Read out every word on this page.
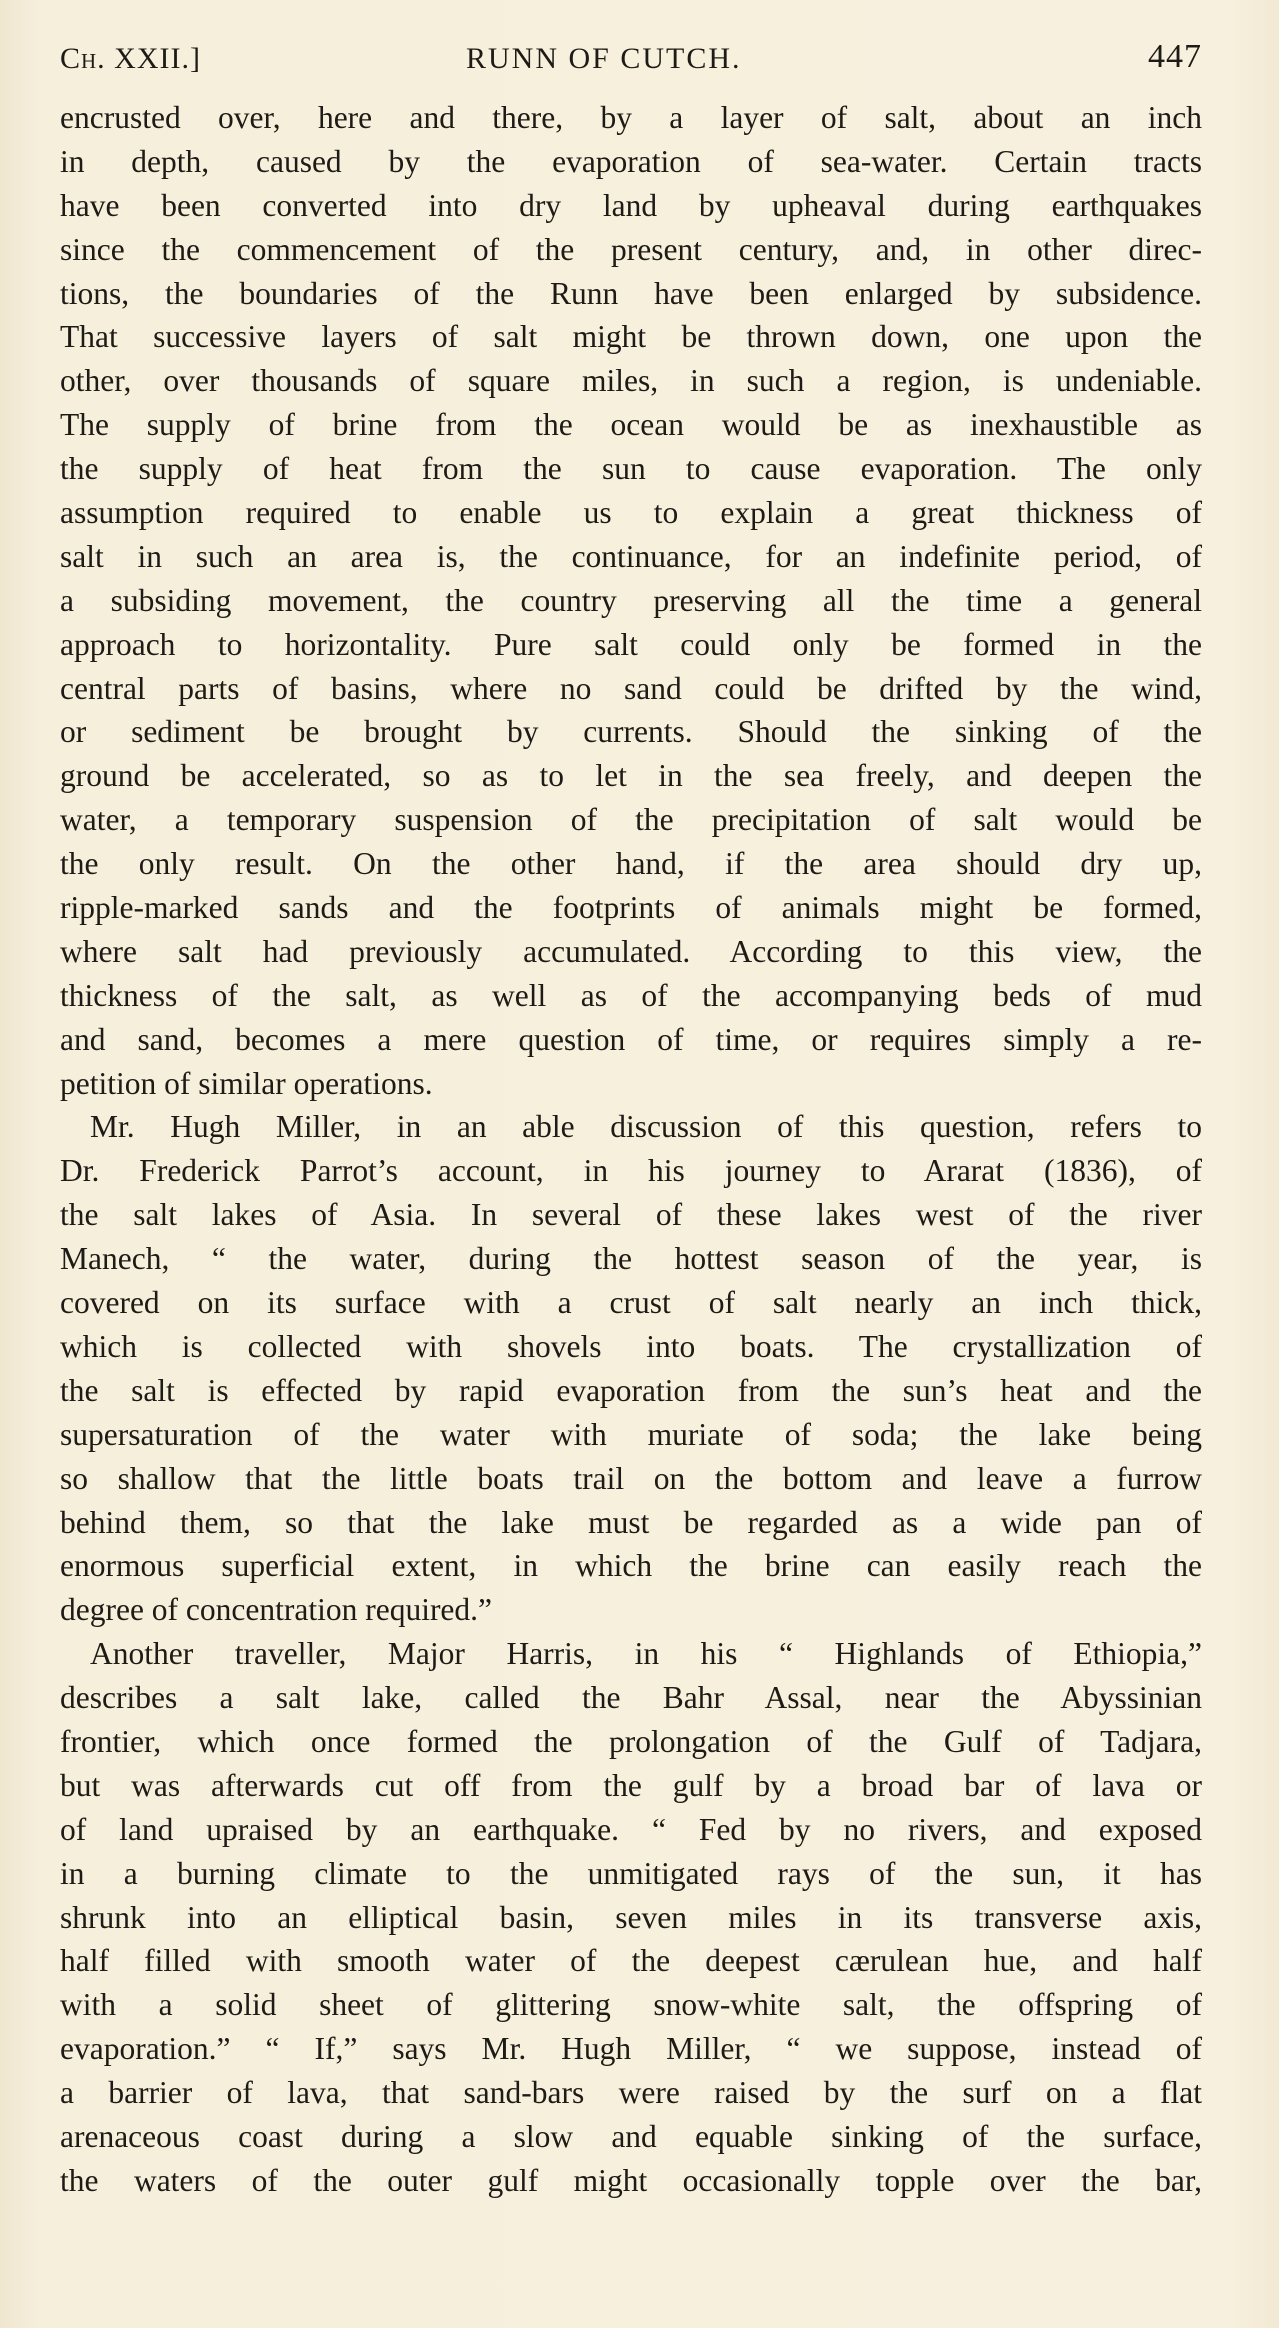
Ch. XXII.]	RUNN OF CUTCH.	447
encrusted over, here and there, by a layer of salt, about an inch
in depth, caused by the evaporation of sea-water. Certain tracts
have been converted into dry land by upheaval during earthquakes
since the commencement of the present century, and, in other direc-
tions, the boundaries of the Runn have been enlarged by subsidence.
That successive layers of salt might be thrown down, one upon the
other, over thousands of square miles, in such a region, is undeniable.
The supply of brine from the ocean would be as inexhaustible as
the supply of heat from the sun to cause evaporation. The only
assumption required to enable us to explain a great thickness of
salt in such an area is, the continuance, for an indefinite period, of
a subsiding movement, the country preserving all the time a general
approach to horizontality. Pure salt could only be formed in the
central parts of basins, where no sand could be drifted by the wind,
or sediment be brought by currents. Should the sinking of the
ground be accelerated, so as to let in the sea freely, and deepen the
water, a temporary suspension of the precipitation of salt would be
the only result. On the other hand, if the area should dry up,
ripple-marked sands and the footprints of animals might be formed,
where salt had previously accumulated. According to this view, the
thickness of the salt, as well as of the accompanying beds of mud
and sand, becomes a mere question of time, or requires simply a re-
petition of similar operations.
Mr. Hugh Miller, in an able discussion of this question, refers to
Dr. Frederick Parrot’s account, in his journey to Ararat (1836), of
the salt lakes of Asia. In several of these lakes west of the river
Manech, “ the water, during the hottest season of the year, is
covered on its surface with a crust of salt nearly an inch thick,
which is collected with shovels into boats. The crystallization of
the salt is effected by rapid evaporation from the sun’s heat and the
supersaturation of the water with muriate of soda; the lake being
so shallow that the little boats trail on the bottom and leave a furrow
behind them, so that the lake must be regarded as a wide pan of
enormous superficial extent, in which the brine can easily reach the
degree of concentration required.”
Another traveller, Major Harris, in his “ Highlands of Ethiopia,”
describes a salt lake, called the Bahr Assal, near the Abyssinian
frontier, which once formed the prolongation of the Gulf of Tadjara,
but was afterwards cut off from the gulf by a broad bar of lava or
of land upraised by an earthquake. “ Fed by no rivers, and exposed
in a burning climate to the unmitigated rays of the sun, it has
shrunk into an elliptical basin, seven miles in its transverse axis,
half filled with smooth water of the deepest cærulean hue, and half
with a solid sheet of glittering snow-white salt, the offspring of
evaporation.” “ If,” says Mr. Hugh Miller, “ we suppose, instead of
a barrier of lava, that sand-bars were raised by the surf on a flat
arenaceous coast during a slow and equable sinking of the surface,
the waters of the outer gulf might occasionally topple over the bar,
